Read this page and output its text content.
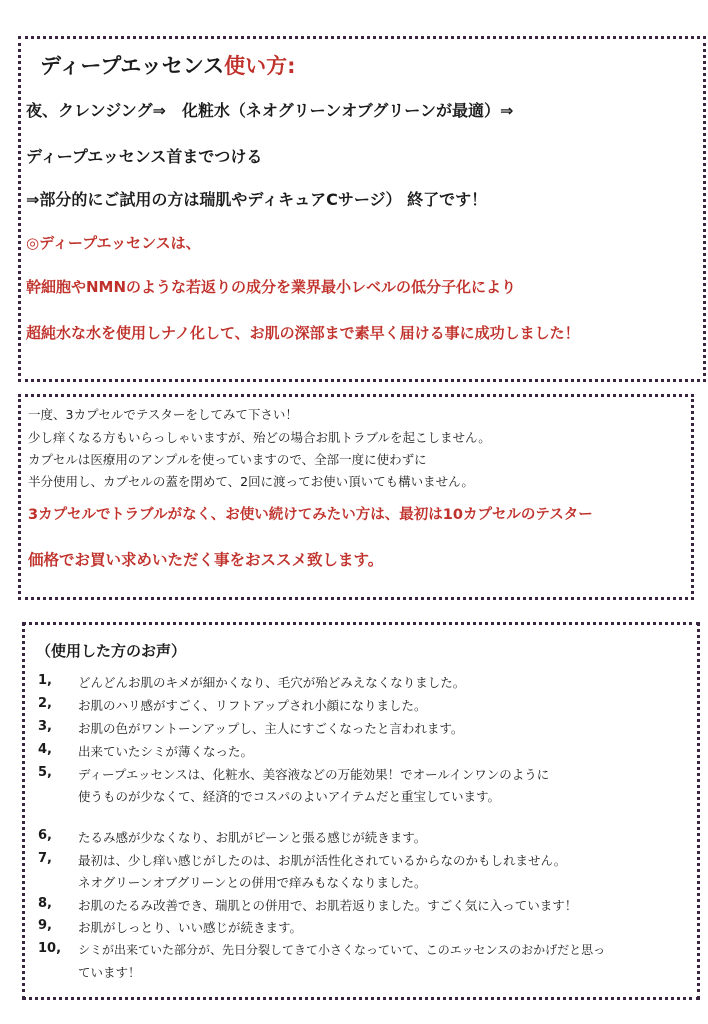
ディープエッセンス使い方:
夜、クレンジング⇒　化粧水（ネオグリーンオブグリーンが最適）⇒
ディープエッセンス首までつける
⇒部分的にご試用の方は瑞肌やディキュアCサージ） 終了です！
◎ディープエッセンスは、
幹細胞やNMNのような若返りの成分を業界最小レベルの低分子化により
超純水な水を使用しナノ化して、お肌の深部まで素早く届ける事に成功しました！
一度、3カプセルでテスターをしてみて下さい！
少し痒くなる方もいらっしゃいますが、殆どの場合お肌トラブルを起こしません。
カプセルは医療用のアンプルを使っていますので、全部一度に使わずに
半分使用し、カプセルの蓋を閉めて、2回に渡ってお使い頂いても構いません。
3カプセルでトラブルがなく、お使い続けてみたい方は、最初は10カプセルのテスター
価格でお買い求めいただく事をおススメ致します。
（使用した方のお声）
1, どんどんお肌のキメが細かくなり、毛穴が殆どみえなくなりました。
2, お肌のハリ感がすごく、リフトアップされ小顔になりました。
3, お肌の色がワントーンアップし、主人にすごくなったと言われます。
4, 出来ていたシミが薄くなった。
5, ディープエッセンスは、化粧水、美容液などの万能効果！でオールインワンのように
使うものが少なくて、経済的でコスパのよいアイテムだと重宝しています。
6, たるみ感が少なくなり、お肌がピーンと張る感じが続きます。
7, 最初は、少し痒い感じがしたのは、お肌が活性化されているからなのかもしれません。
ネオグリーンオブグリーンとの併用で痒みもなくなりました。
8, お肌のたるみ改善でき、瑞肌との併用で、お肌若返りました。すごく気に入っています！
9, お肌がしっとり、いい感じが続きます。
10, シミが出来ていた部分が、先日分裂してきて小さくなっていて、このエッセンスのおかげだと思っ
ています！
